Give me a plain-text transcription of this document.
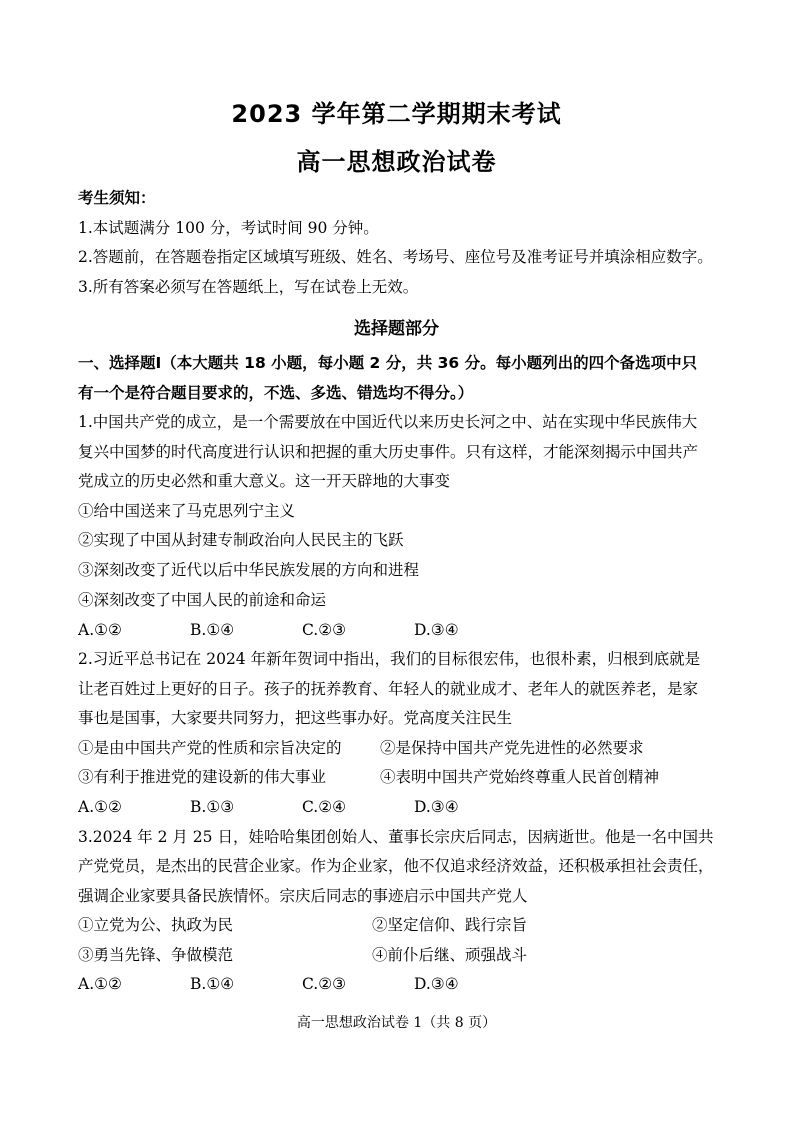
2023 学年第二学期期末考试
高一思想政治试卷
考生须知：
1.本试题满分 100 分，考试时间 90 分钟。
2.答题前，在答题卷指定区域填写班级、姓名、考场号、座位号及准考证号并填涂相应数字。
3.所有答案必须写在答题纸上，写在试卷上无效。
选择题部分
一、选择题Ⅰ（本大题共 18 小题，每小题 2 分，共 36 分。每小题列出的四个备选项中只
有一个是符合题目要求的，不选、多选、错选均不得分。）
1.中国共产党的成立，是一个需要放在中国近代以来历史长河之中、站在实现中华民族伟大
复兴中国梦的时代高度进行认识和把握的重大历史事件。只有这样，才能深刻揭示中国共产
党成立的历史必然和重大意义。这一开天辟地的大事变
①给中国送来了马克思列宁主义
②实现了中国从封建专制政治向人民民主的飞跃
③深刻改变了近代以后中华民族发展的方向和进程
④深刻改变了中国人民的前途和命运
A.①②	B.①④	C.②③	D.③④
2.习近平总书记在 2024 年新年贺词中指出，我们的目标很宏伟，也很朴素，归根到底就是
让老百姓过上更好的日子。孩子的抚养教育、年轻人的就业成才、老年人的就医养老，是家
事也是国事，大家要共同努力，把这些事办好。党高度关注民生
①是由中国共产党的性质和宗旨决定的 ②是保持中国共产党先进性的必然要求
③有利于推进党的建设新的伟大事业	④表明中国共产党始终尊重人民首创精神
A.①②	B.①③	C.②④	D.③④
3.2024 年 2 月 25 日，娃哈哈集团创始人、董事长宗庆后同志，因病逝世。他是一名中国共
产党党员，是杰出的民营企业家。作为企业家，他不仅追求经济效益，还积极承担社会责任，
强调企业家要具备民族情怀。宗庆后同志的事迹启示中国共产党人
①立党为公、执政为民	②坚定信仰、践行宗旨
③勇当先锋、争做模范	④前仆后继、顽强战斗
A.①②	B.①④	C.②③	D.③④
高一思想政治试卷 1（共 8 页）
